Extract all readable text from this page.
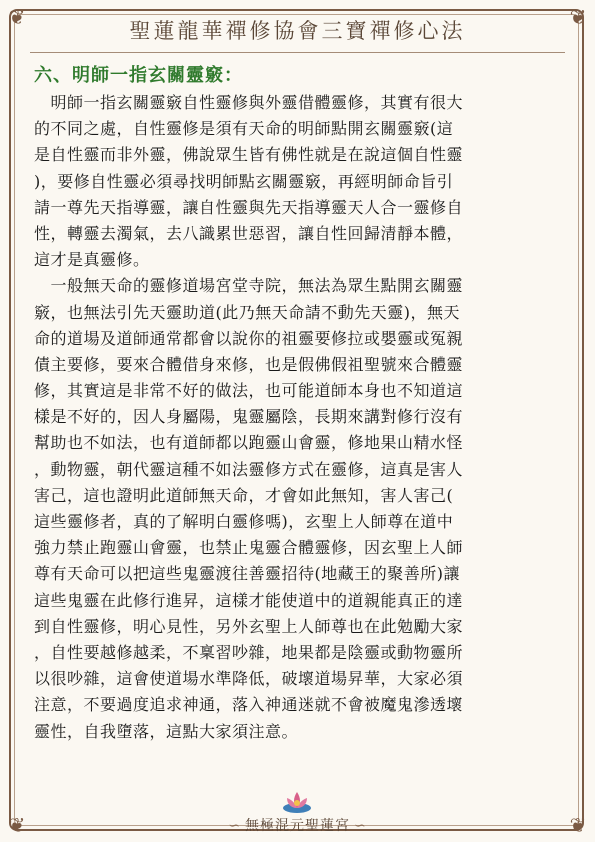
❦	❦
❦	❦
聖蓮龍華禪修協會三寶禪修心法
六、明師一指玄關靈竅：

　明師一指玄關靈竅自性靈修與外靈借體靈修，其實有很大
的不同之處，自性靈修是須有天命的明師點開玄關靈竅(這
是自性靈而非外靈，佛說眾生皆有佛性就是在說這個自性靈
)，要修自性靈必須尋找明師點玄關靈竅，再經明師命旨引
請一尊先天指導靈，讓自性靈與先天指導靈天人合一靈修自
性，轉靈去濁氣，去八識累世惡習，讓自性回歸清靜本體，
這才是真靈修。

　一般無天命的靈修道場宮堂寺院，無法為眾生點開玄關靈
竅，也無法引先天靈助道(此乃無天命請不動先天靈)，無天
命的道場及道師通常都會以說你的祖靈要修拉或嬰靈或冤親
債主要修，要來合體借身來修，也是假佛假祖聖號來合體靈
修，其實這是非常不好的做法，也可能道師本身也不知道這
樣是不好的，因人身屬陽，鬼靈屬陰，長期來講對修行沒有
幫助也不如法，也有道師都以跑靈山會靈，修地果山精水怪
，動物靈，朝代靈這種不如法靈修方式在靈修，這真是害人
害己，這也證明此道師無天命，才會如此無知，害人害己(
這些靈修者，真的了解明白靈修嗎)，玄聖上人師尊在道中
強力禁止跑靈山會靈，也禁止鬼靈合體靈修，因玄聖上人師
尊有天命可以把這些鬼靈渡往善靈招待(地藏王的聚善所)讓
這些鬼靈在此修行進昇，這樣才能使道中的道親能真正的達
到自性靈修，明心見性，另外玄聖上人師尊也在此勉勵大家
，自性要越修越柔，不稟習吵雜，地果都是陰靈或動物靈所
以很吵雜，這會使道場水準降低，破壞道場昇華，大家必須
注意，不要過度追求神通，落入神通迷就不會被魔鬼滲透壞
靈性，自我墮落，這點大家須注意。

∽ 無極混元聖蓮宮 ∽
